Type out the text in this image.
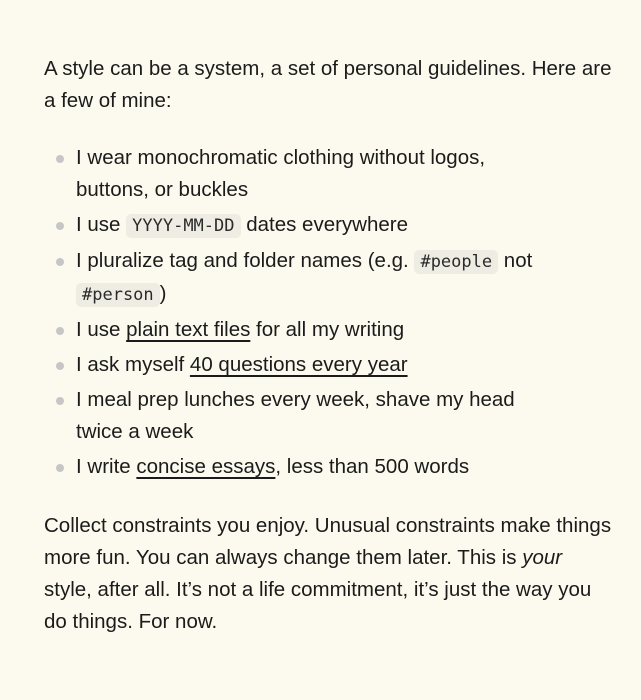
A style can be a system, a set of personal guidelines. Here are a few of mine:

I wear monochromatic clothing without logos, buttons, or buckles
I use YYYY-MM-DD dates everywhere
I pluralize tag and folder names (e.g. #people not #person )
I use plain text files for all my writing
I ask myself 40 questions every year
I meal prep lunches every week, shave my head twice a week
I write concise essays, less than 500 words

Collect constraints you enjoy. Unusual constraints make things more fun. You can always change them later. This is your style, after all. It’s not a life commitment, it’s just the way you do things. For now.
